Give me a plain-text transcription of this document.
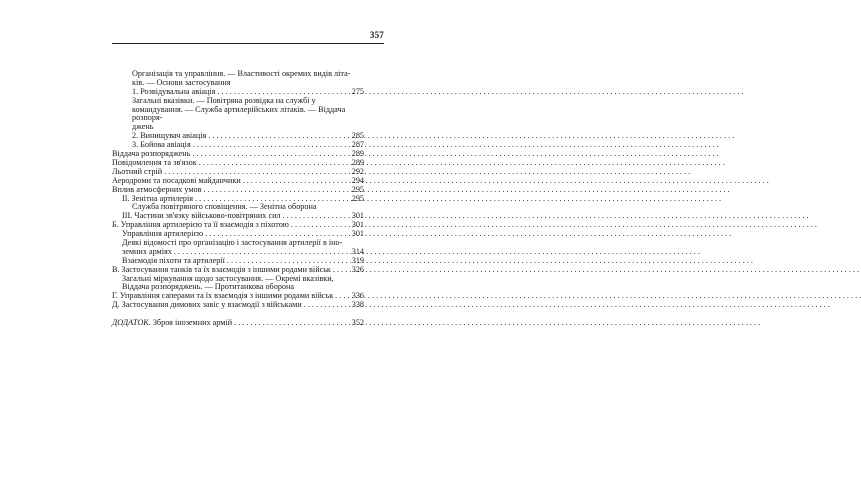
357
Організація та управління. — Властивості окремих видів літа-
ків. — Основи застосування
1. Розвідувальна авіація . . .	275
Загальні вказівки. — Повітряна розвідка на службі у командування. — Служба артилерійських літаків. — Віддача розпоря-
джень
2. Винищувач авіація . . .	285
3. Бойова авіація . . .	287
Віддача розпоряджень . . .	289
Повідомлення та зв'язок . . .	289
Льотний стрій . . .	292
Аеродроми та посадкові майданчики . . .	294
Вплив атмосферних умов . . .	295
II. Зенітна артилерія . . .	295
Служба повітряного сповіщення. — Зенітна оборона
III. Частини зв'язку військово-повітряних сил . . .	301
Б. Управління артилерією та її взаємодія з піхотою . . .	301
Управління артилерією . . .	301
Деякі відомості про організацію і застосування артилерії в іно-
земних арміях . . .	314
Взаємодія піхоти та артилерії . . .	319
В. Застосування танків та їх взаємодія з іншими родами військ . . .	326
Загальні міркування щодо застосування. — Окремі вказівки,
Віддача розпоряджень. — Протитанкова оборона
Г. Управління саперами та їх взаємодія з іншими родами військ . . . 336
Д. Застосування димових завіс у взаємодії з військами . . .	338
ДОДАТОК. Зброя іноземних армій . . .	352
